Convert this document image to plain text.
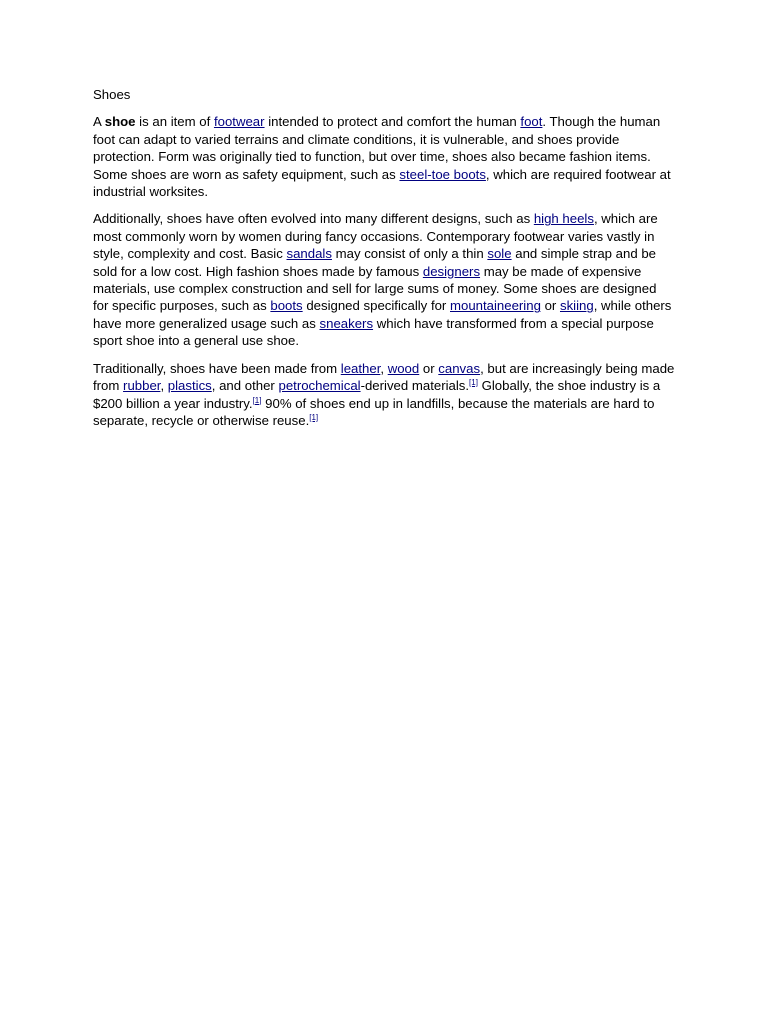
Shoes

A shoe is an item of footwear intended to protect and comfort the human foot. Though the human foot can adapt to varied terrains and climate conditions, it is vulnerable, and shoes provide protection. Form was originally tied to function, but over time, shoes also became fashion items. Some shoes are worn as safety equipment, such as steel-toe boots, which are required footwear at industrial worksites.

Additionally, shoes have often evolved into many different designs, such as high heels, which are most commonly worn by women during fancy occasions. Contemporary footwear varies vastly in style, complexity and cost. Basic sandals may consist of only a thin sole and simple strap and be sold for a low cost. High fashion shoes made by famous designers may be made of expensive materials, use complex construction and sell for large sums of money. Some shoes are designed for specific purposes, such as boots designed specifically for mountaineering or skiing, while others have more generalized usage such as sneakers which have transformed from a special purpose sport shoe into a general use shoe.

Traditionally, shoes have been made from leather, wood or canvas, but are increasingly being made from rubber, plastics, and other petrochemical-derived materials.[1] Globally, the shoe industry is a $200 billion a year industry.[1] 90% of shoes end up in landfills, because the materials are hard to separate, recycle or otherwise reuse.[1]
